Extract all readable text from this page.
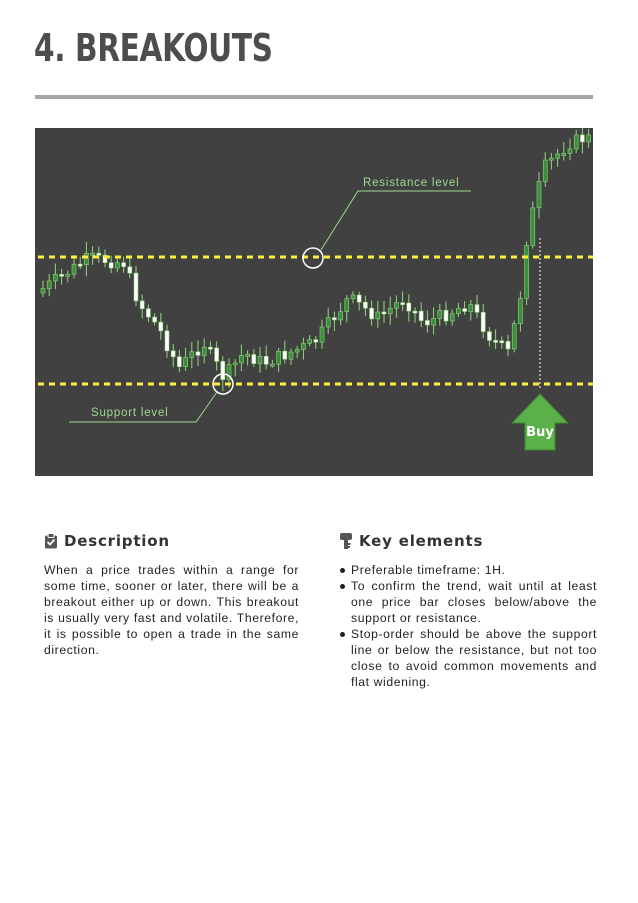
4. BREAKOUTS
Resistance level
Support level
Buy
Description

When a price trades within a range for some time, sooner or later, there will be a breakout either up or down. This breakout is usually very fast and volatile. Therefore, it is possible to open a trade in the same direction.

Key elements
Preferable timeframe: 1H.
To confirm the trend, wait until at least one price bar closes below/above the support or resistance.
Stop-order should be above the support line or below the resistance, but not too close to avoid common movements and flat widening.
